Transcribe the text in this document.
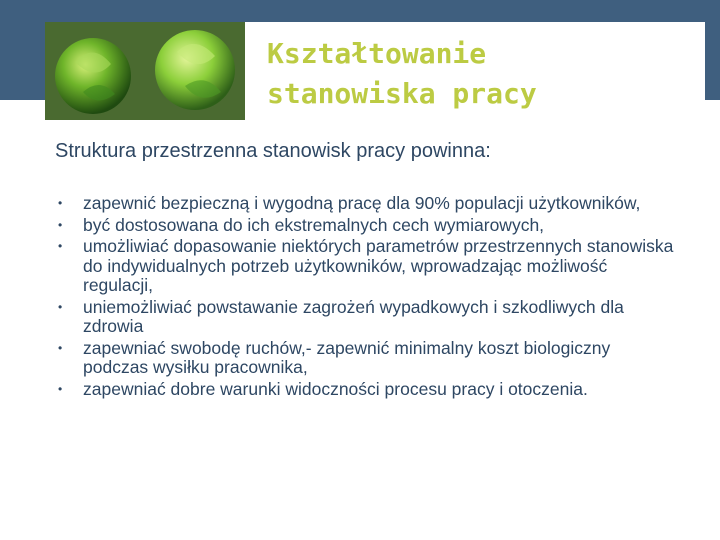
Kształtowanie
stanowiska pracy

Struktura przestrzenna stanowisk pracy powinna:

• zapewnić bezpieczną i wygodną pracę dla 90% populacji użytkowników,
• być dostosowana do ich ekstremalnych cech wymiarowych,
• umożliwiać dopasowanie niektórych parametrów przestrzennych stanowiska do indywidualnych potrzeb użytkowników, wprowadzając możliwość regulacji,
• uniemożliwiać powstawanie zagrożeń wypadkowych i szkodliwych dla zdrowia
• zapewniać swobodę ruchów,- zapewnić minimalny koszt biologiczny podczas wysiłku pracownika,
• zapewniać dobre warunki widoczności procesu pracy i otoczenia.
